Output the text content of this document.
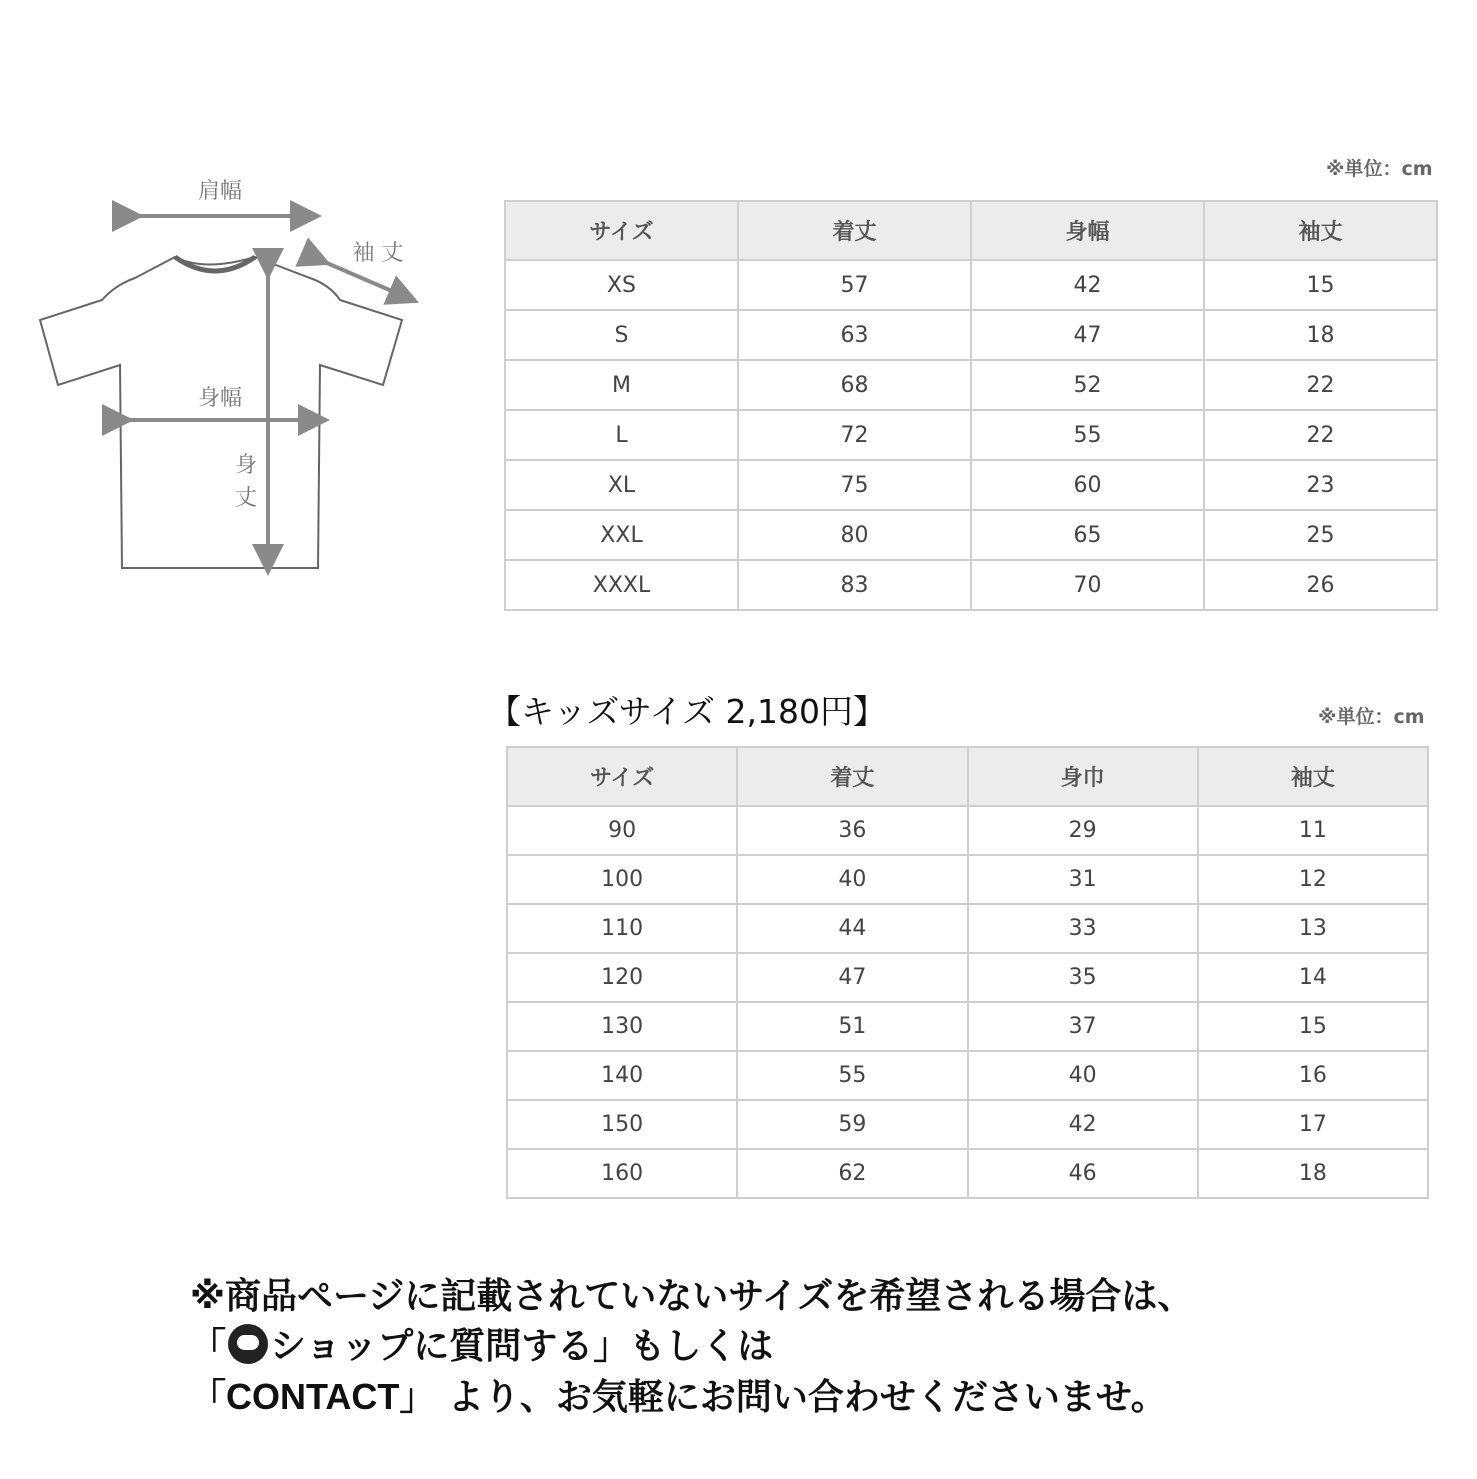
肩幅
袖 丈
身幅
身
丈
※単位：cm
サイズ	着丈	身幅	袖丈
XS	57	42	15
S	63	47	18
M	68	52	22
L	72	55	22
XL	75	60	23
XXL	80	65	25
XXXL	83	70	26
【キッズサイズ 2,180円】	※単位：cm
サイズ	着丈	身巾	袖丈
90	36	29	11
100	40	31	12
110	44	33	13
120	47	35	14
130	51	37	15
140	55	40	16
150	59	42	17
160	62	46	18
※商品ページに記載されていないサイズを希望される場合は、
「 ••• ショップに質問する」もしくは
「CONTACT」 より、お気軽にお問い合わせくださいませ。
